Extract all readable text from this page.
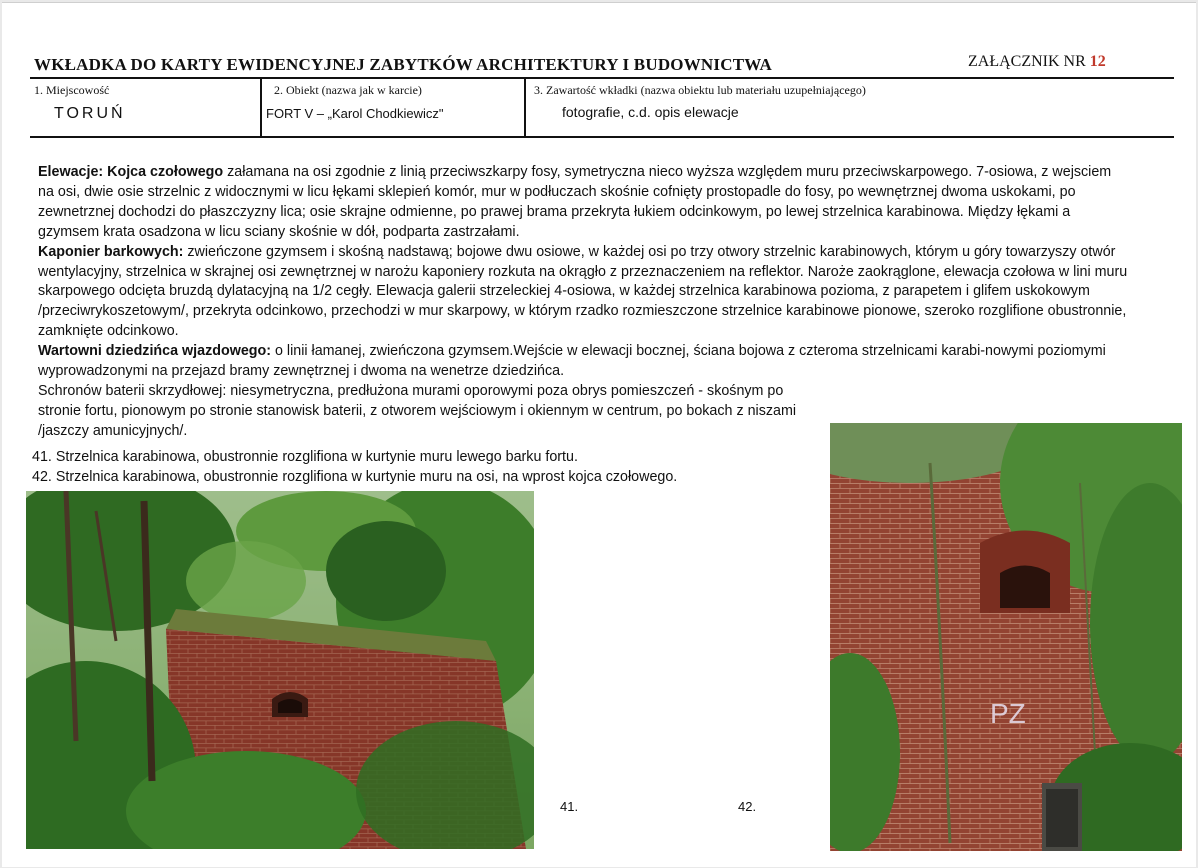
WKŁADKA DO KARTY EWIDENCYJNEJ ZABYTKÓW ARCHITEKTURY I BUDOWNICTWA	ZAŁĄCZNIK NR 12
1. Miejscowość
TORUŃ
2. Obiekt (nazwa jak w karcie)
FORT V – „Karol Chodkiewicz"
3. Zawartość wkładki (nazwa obiektu lub materiału uzupełniającego)
fotografie, c.d. opis elewacje

Elewacje: Kojca czołowego załamana na osi zgodnie z linią przeciwszkarpy fosy, symetryczna nieco wyższa względem muru przeciwskarpowego. 7-osiowa, z wejsciem na osi, dwie osie strzelnic z widocznymi w licu łękami sklepień komór, mur w podłuczach skośnie cofnięty prostopadle do fosy, po wewnętrznej dwoma uskokami, po zewnetrznej dochodzi do płaszczyzny lica; osie skrajne odmienne, po prawej brama przekryta łukiem odcinkowym, po lewej strzelnica karabinowa. Między łękami a gzymsem krata osadzona w licu sciany skośnie w dół, podparta zastrzałami.

Kaponier barkowych: zwieńczone gzymsem i skośną nadstawą; bojowe dwu osiowe, w każdej osi po trzy otwory strzelnic karabinowych, którym u góry towarzyszy otwór wentylacyjny, strzelnica w skrajnej osi zewnętrznej w narożu kaponiery rozkuta na okrągło z przeznaczeniem na reflektor. Naroże zaokrąglone, elewacja czołowa w lini muru skarpowego odcięta bruzdą dylatacyjną na 1/2 cegły. Elewacja galerii strzeleckiej 4-osiowa, w każdej strzelnica karabinowa pozioma, z parapetem i glifem uskokowym /przeciwrykoszetowym/, przekryta odcinkowo, przechodzi w mur skarpowy, w którym rzadko rozmieszczone strzelnice karabinowe pionowe, szeroko rozglifione obustronnie, zamknięte odcinkowo.

Wartowni dziedzińca wjazdowego: o linii łamanej, zwieńczona gzymsem.Wejście w elewacji bocznej, ściana bojowa z czteroma strzelnicami karabi-nowymi poziomymi wyprowadzonymi na przejazd bramy zewnętrznej i dwoma na wenetrze dziedzińca.

Schronów baterii skrzydłowej: niesymetryczna, predłużona murami oporowymi poza obrys pomieszczeń - skośnym po stronie fortu, pionowym po stronie stanowisk baterii, z otworem wejściowym i okiennym w centrum, po bokach z niszami /jaszczy amunicyjnych/.

41. Strzelnica karabinowa, obustronnie rozglifiona w kurtynie muru lewego barku fortu.
42. Strzelnica karabinowa, obustronnie rozglifiona w kurtynie muru na osi, na wprost kojca czołowego.
PZ
41.	42.
